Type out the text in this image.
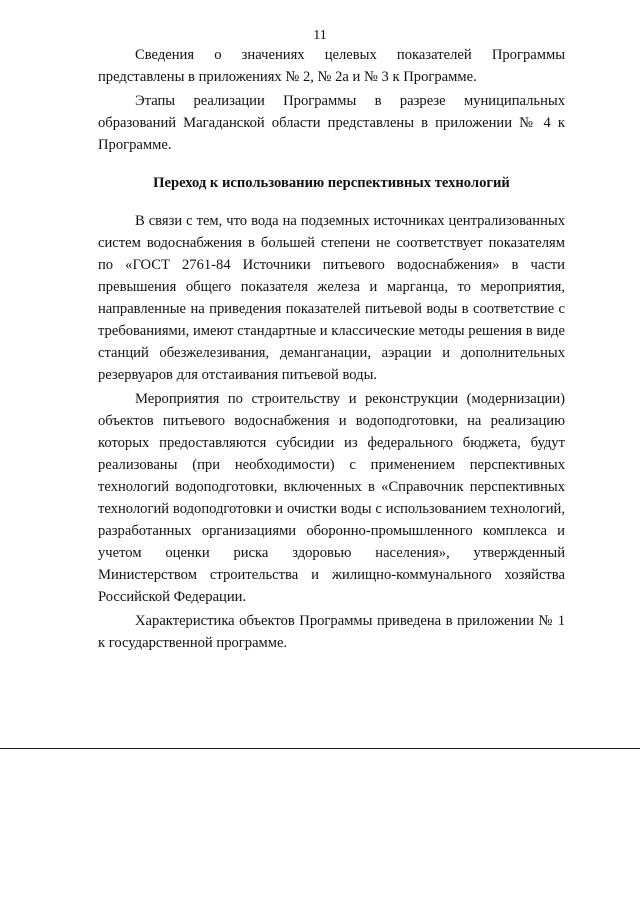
11

Сведения о значениях целевых показателей Программы представлены в приложениях № 2, № 2а и № 3 к Программе.

Этапы реализации Программы в разрезе муниципальных образований Магаданской области представлены в приложении № 4 к Программе.

Переход к использованию перспективных технологий

В связи с тем, что вода на подземных источниках централизованных систем водоснабжения в большей степени не соответствует показателям по «ГОСТ 2761-84 Источники питьевого водоснабжения» в части превышения общего показателя железа и марганца, то мероприятия, направленные на приведения показателей питьевой воды в соответствие с требованиями, имеют стандартные и классические методы решения в виде станций обезжелезивания, деманганации, аэрации и дополнительных резервуаров для отстаивания питьевой воды.

Мероприятия по строительству и реконструкции (модернизации) объектов питьевого водоснабжения и водоподготовки, на реализацию которых предоставляются субсидии из федерального бюджета, будут реализованы (при необходимости) с применением перспективных технологий водоподготовки, включенных в «Справочник перспективных технологий водоподготовки и очистки воды с использованием технологий, разработанных организациями оборонно-промышленного комплекса и учетом оценки риска здоровью населения», утвержденный Министерством строительства и жилищно-коммунального хозяйства Российской Федерации.

Характеристика объектов Программы приведена в приложении № 1 к государственной программе.
